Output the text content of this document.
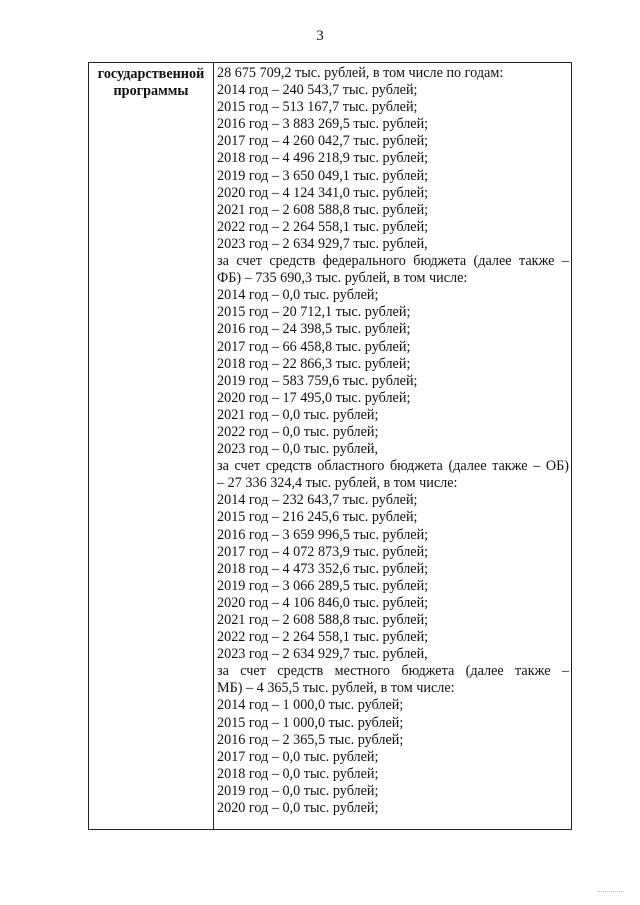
3
государственной
программы
28 675 709,2 тыс. рублей, в том числе по годам:
2014 год – 240 543,7 тыс. рублей;
2015 год – 513 167,7 тыс. рублей;
2016 год – 3 883 269,5 тыс. рублей;
2017 год – 4 260 042,7 тыс. рублей;
2018 год – 4 496 218,9 тыс. рублей;
2019 год – 3 650 049,1 тыс. рублей;
2020 год – 4 124 341,0 тыс. рублей;
2021 год – 2 608 588,8 тыс. рублей;
2022 год – 2 264 558,1 тыс. рублей;
2023 год – 2 634 929,7 тыс. рублей,
за счет средств федерального бюджета (далее также –
ФБ) – 735 690,3 тыс. рублей, в том числе:
2014 год – 0,0 тыс. рублей;
2015 год – 20 712,1 тыс. рублей;
2016 год – 24 398,5 тыс. рублей;
2017 год – 66 458,8 тыс. рублей;
2018 год – 22 866,3 тыс. рублей;
2019 год – 583 759,6 тыс. рублей;
2020 год – 17 495,0 тыс. рублей;
2021 год – 0,0 тыс. рублей;
2022 год – 0,0 тыс. рублей;
2023 год – 0,0 тыс. рублей,
за счет средств областного бюджета (далее также – ОБ)
– 27 336 324,4 тыс. рублей, в том числе:
2014 год – 232 643,7 тыс. рублей;
2015 год – 216 245,6 тыс. рублей;
2016 год – 3 659 996,5 тыс. рублей;
2017 год – 4 072 873,9 тыс. рублей;
2018 год – 4 473 352,6 тыс. рублей;
2019 год – 3 066 289,5 тыс. рублей;
2020 год – 4 106 846,0 тыс. рублей;
2021 год – 2 608 588,8 тыс. рублей;
2022 год – 2 264 558,1 тыс. рублей;
2023 год – 2 634 929,7 тыс. рублей,
за счет средств местного бюджета (далее также –
МБ) – 4 365,5 тыс. рублей, в том числе:
2014 год – 1 000,0 тыс. рублей;
2015 год – 1 000,0 тыс. рублей;
2016 год – 2 365,5 тыс. рублей;
2017 год – 0,0 тыс. рублей;
2018 год – 0,0 тыс. рублей;
2019 год – 0,0 тыс. рублей;
2020 год – 0,0 тыс. рублей;
